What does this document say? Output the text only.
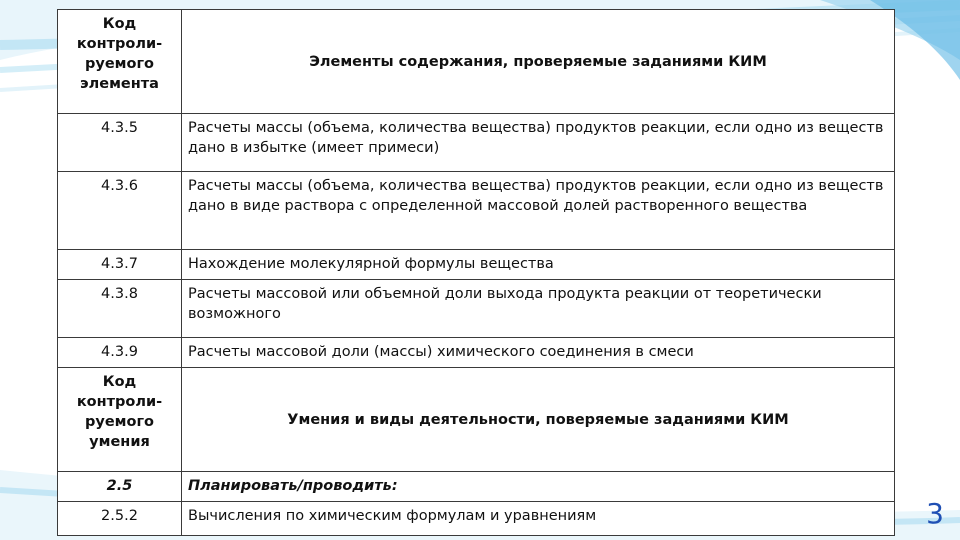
Код контроли-руемого элемента	Элементы содержания, проверяемые заданиями КИМ
4.3.5	Расчеты массы (объема, количества вещества) продуктов реакции, если одно из веществ дано в избытке (имеет примеси)
4.3.6	Расчеты массы (объема, количества вещества) продуктов реакции, если одно из веществ дано в виде раствора с определенной массовой долей растворенного вещества
4.3.7	Нахождение молекулярной формулы вещества
4.3.8	Расчеты массовой или объемной доли выхода продукта реакции от теоретически возможного
4.3.9	Расчеты массовой доли (массы) химического соединения в смеси
Код контроли-руемого умения	Умения и виды деятельности, поверяемые заданиями КИМ
2.5	Планировать/проводить:
2.5.2	Вычисления по химическим формулам и уравнениям	3
